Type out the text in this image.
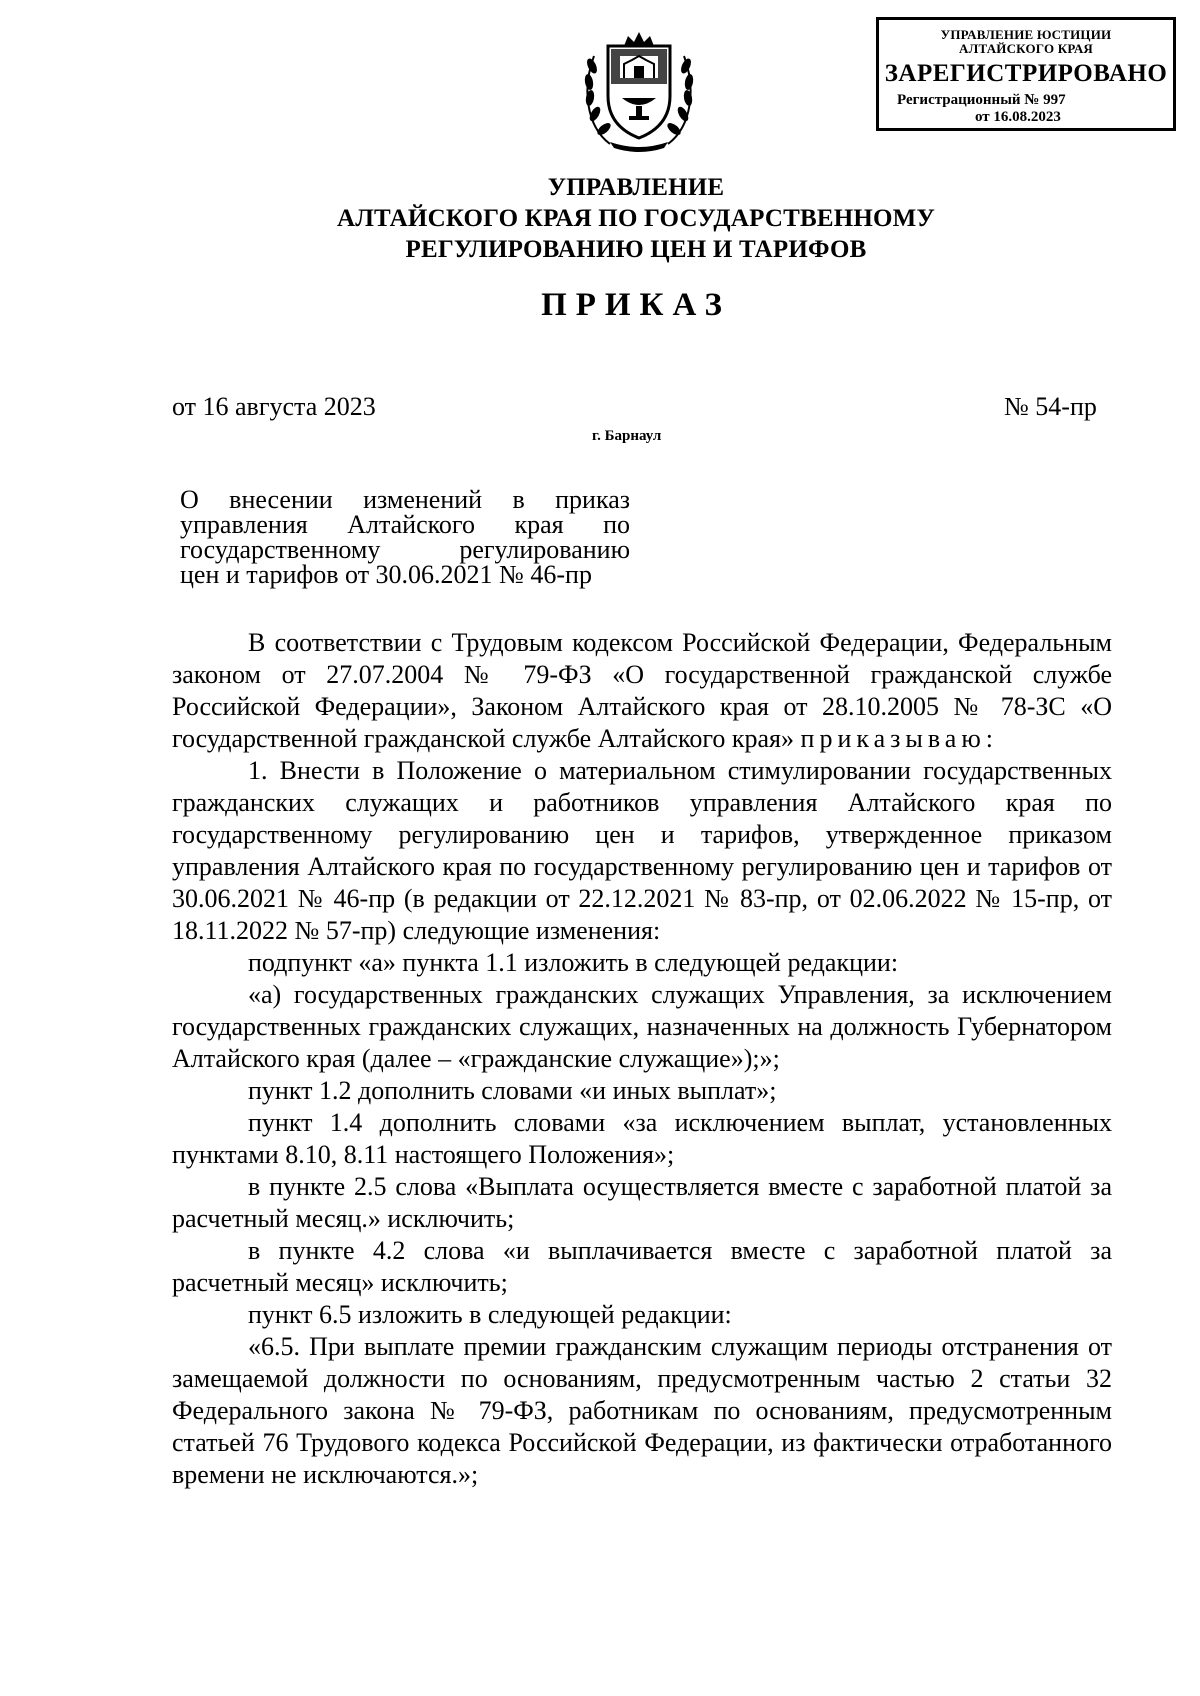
УПРАВЛЕНИЕ ЮСТИЦИИ
АЛТАЙСКОГО КРАЯ
ЗАРЕГИСТРИРОВАНО
Регистрационный № 997
от 16.08.2023
УПРАВЛЕНИЕ
АЛТАЙСКОГО КРАЯ ПО ГОСУДАРСТВЕННОМУ
РЕГУЛИРОВАНИЮ ЦЕН И ТАРИФОВ
ПРИКАЗ
от 16 августа 2023	№ 54-пр
г. Барнаул
О внесении изменений в приказ
управления Алтайского края по
государственному регулированию
цен и тарифов от 30.06.2021 № 46-пр

В соответствии с Трудовым кодексом Российской Федерации, Федеральным законом от 27.07.2004 № 79-ФЗ «О государственной гражданской службе Российской Федерации», Законом Алтайского края от 28.10.2005 № 78-ЗС «О государственной гражданской службе Алтайского края» приказываю:

1. Внести в Положение о материальном стимулировании государственных гражданских служащих и работников управления Алтайского края по государственному регулированию цен и тарифов, утвержденное приказом управления Алтайского края по государственному регулированию цен и тарифов от 30.06.2021 № 46-пр (в редакции от 22.12.2021 № 83-пр, от 02.06.2022 № 15-пр, от 18.11.2022 № 57-пр) следующие изменения:

подпункт «а» пункта 1.1 изложить в следующей редакции:

«а) государственных гражданских служащих Управления, за исключением государственных гражданских служащих, назначенных на должность Губернатором Алтайского края (далее – «гражданские служащие»);»;

пункт 1.2 дополнить словами «и иных выплат»;

пункт 1.4 дополнить словами «за исключением выплат, установленных пунктами 8.10, 8.11 настоящего Положения»;

в пункте 2.5 слова «Выплата осуществляется вместе с заработной платой за расчетный месяц.» исключить;

в пункте 4.2 слова «и выплачивается вместе с заработной платой за расчетный месяц» исключить;

пункт 6.5 изложить в следующей редакции:

«6.5. При выплате премии гражданским служащим периоды отстранения от замещаемой должности по основаниям, предусмотренным частью 2 статьи 32 Федерального закона № 79-ФЗ, работникам по основаниям, предусмотренным статьей 76 Трудового кодекса Российской Федерации, из фактически отработанного времени не исключаются.»;
